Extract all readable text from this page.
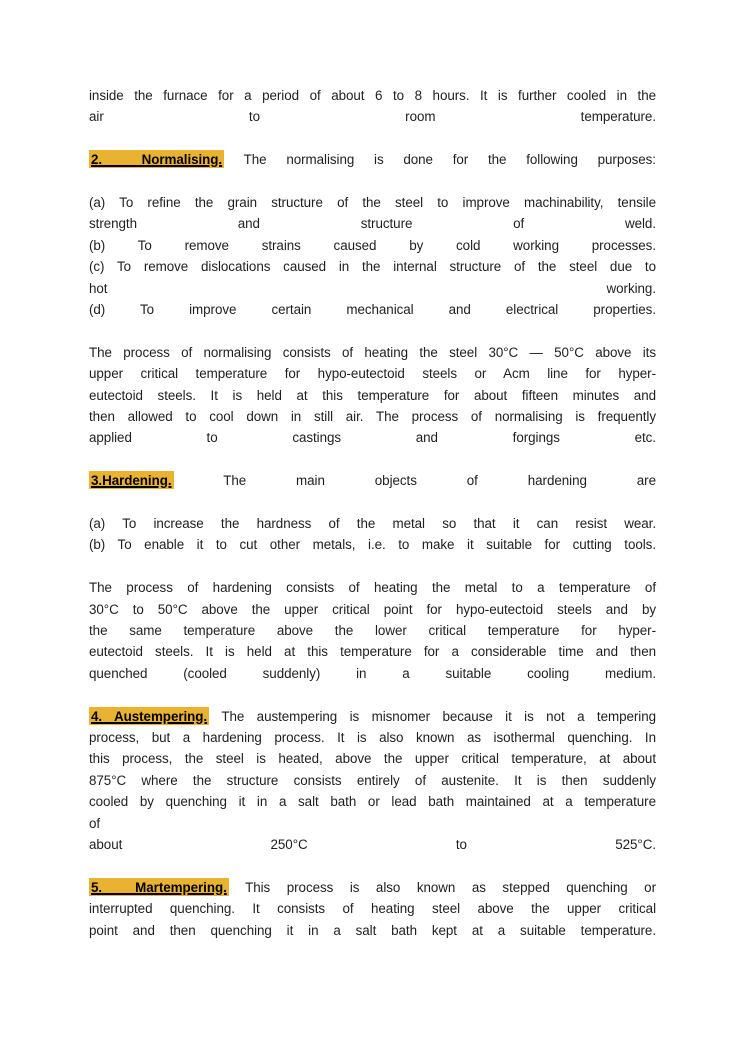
inside the furnace for a period of about 6 to 8 hours. It is further cooled in the
air to room temperature.
2.  Normalising. The normalising is done for the following purposes:
(a) To refine the grain structure of the steel to improve machinability, tensile
strength and structure of weld.
(b) To remove strains caused by cold working processes.
(c) To remove dislocations caused in the internal structure of the steel due to
hot working.
(d) To improve certain mechanical and electrical properties.
The process of normalising consists of heating the steel 30°C — 50°C above its
upper critical temperature for hypo-eutectoid steels or Acm line for hyper-
eutectoid steels. It is held at this temperature for about fifteen minutes and
then allowed to cool down in still air. The process of normalising is frequently
applied to castings and forgings etc.
3.Hardening.	The main objects of hardening are
(a) To increase the hardness of the metal so that it can resist wear.
(b) To enable it to cut other metals, i.e. to make it suitable for cutting tools.
The process of hardening consists of heating the metal to a temperature of
30°C to 50°C above the upper critical point for hypo-eutectoid steels and by
the same temperature above the lower critical temperature for hyper-
eutectoid steels. It is held at this temperature for a considerable time and then
quenched (cooled suddenly) in a suitable cooling medium.
4. Austempering. The austempering is misnomer because it is not a tempering
process, but a hardening process. It is also known as isothermal quenching. In
this process, the steel is heated, above the upper critical temperature, at about
875°C where the structure consists entirely of austenite. It is then suddenly
cooled by quenching it in a salt bath or lead bath maintained at a temperature
of
about 250°C to 525°C.
5.  Martempering. This process is also known as stepped quenching or
interrupted quenching. It consists of heating steel above the upper critical
point and then quenching it in a salt bath kept at a suitable temperature.
